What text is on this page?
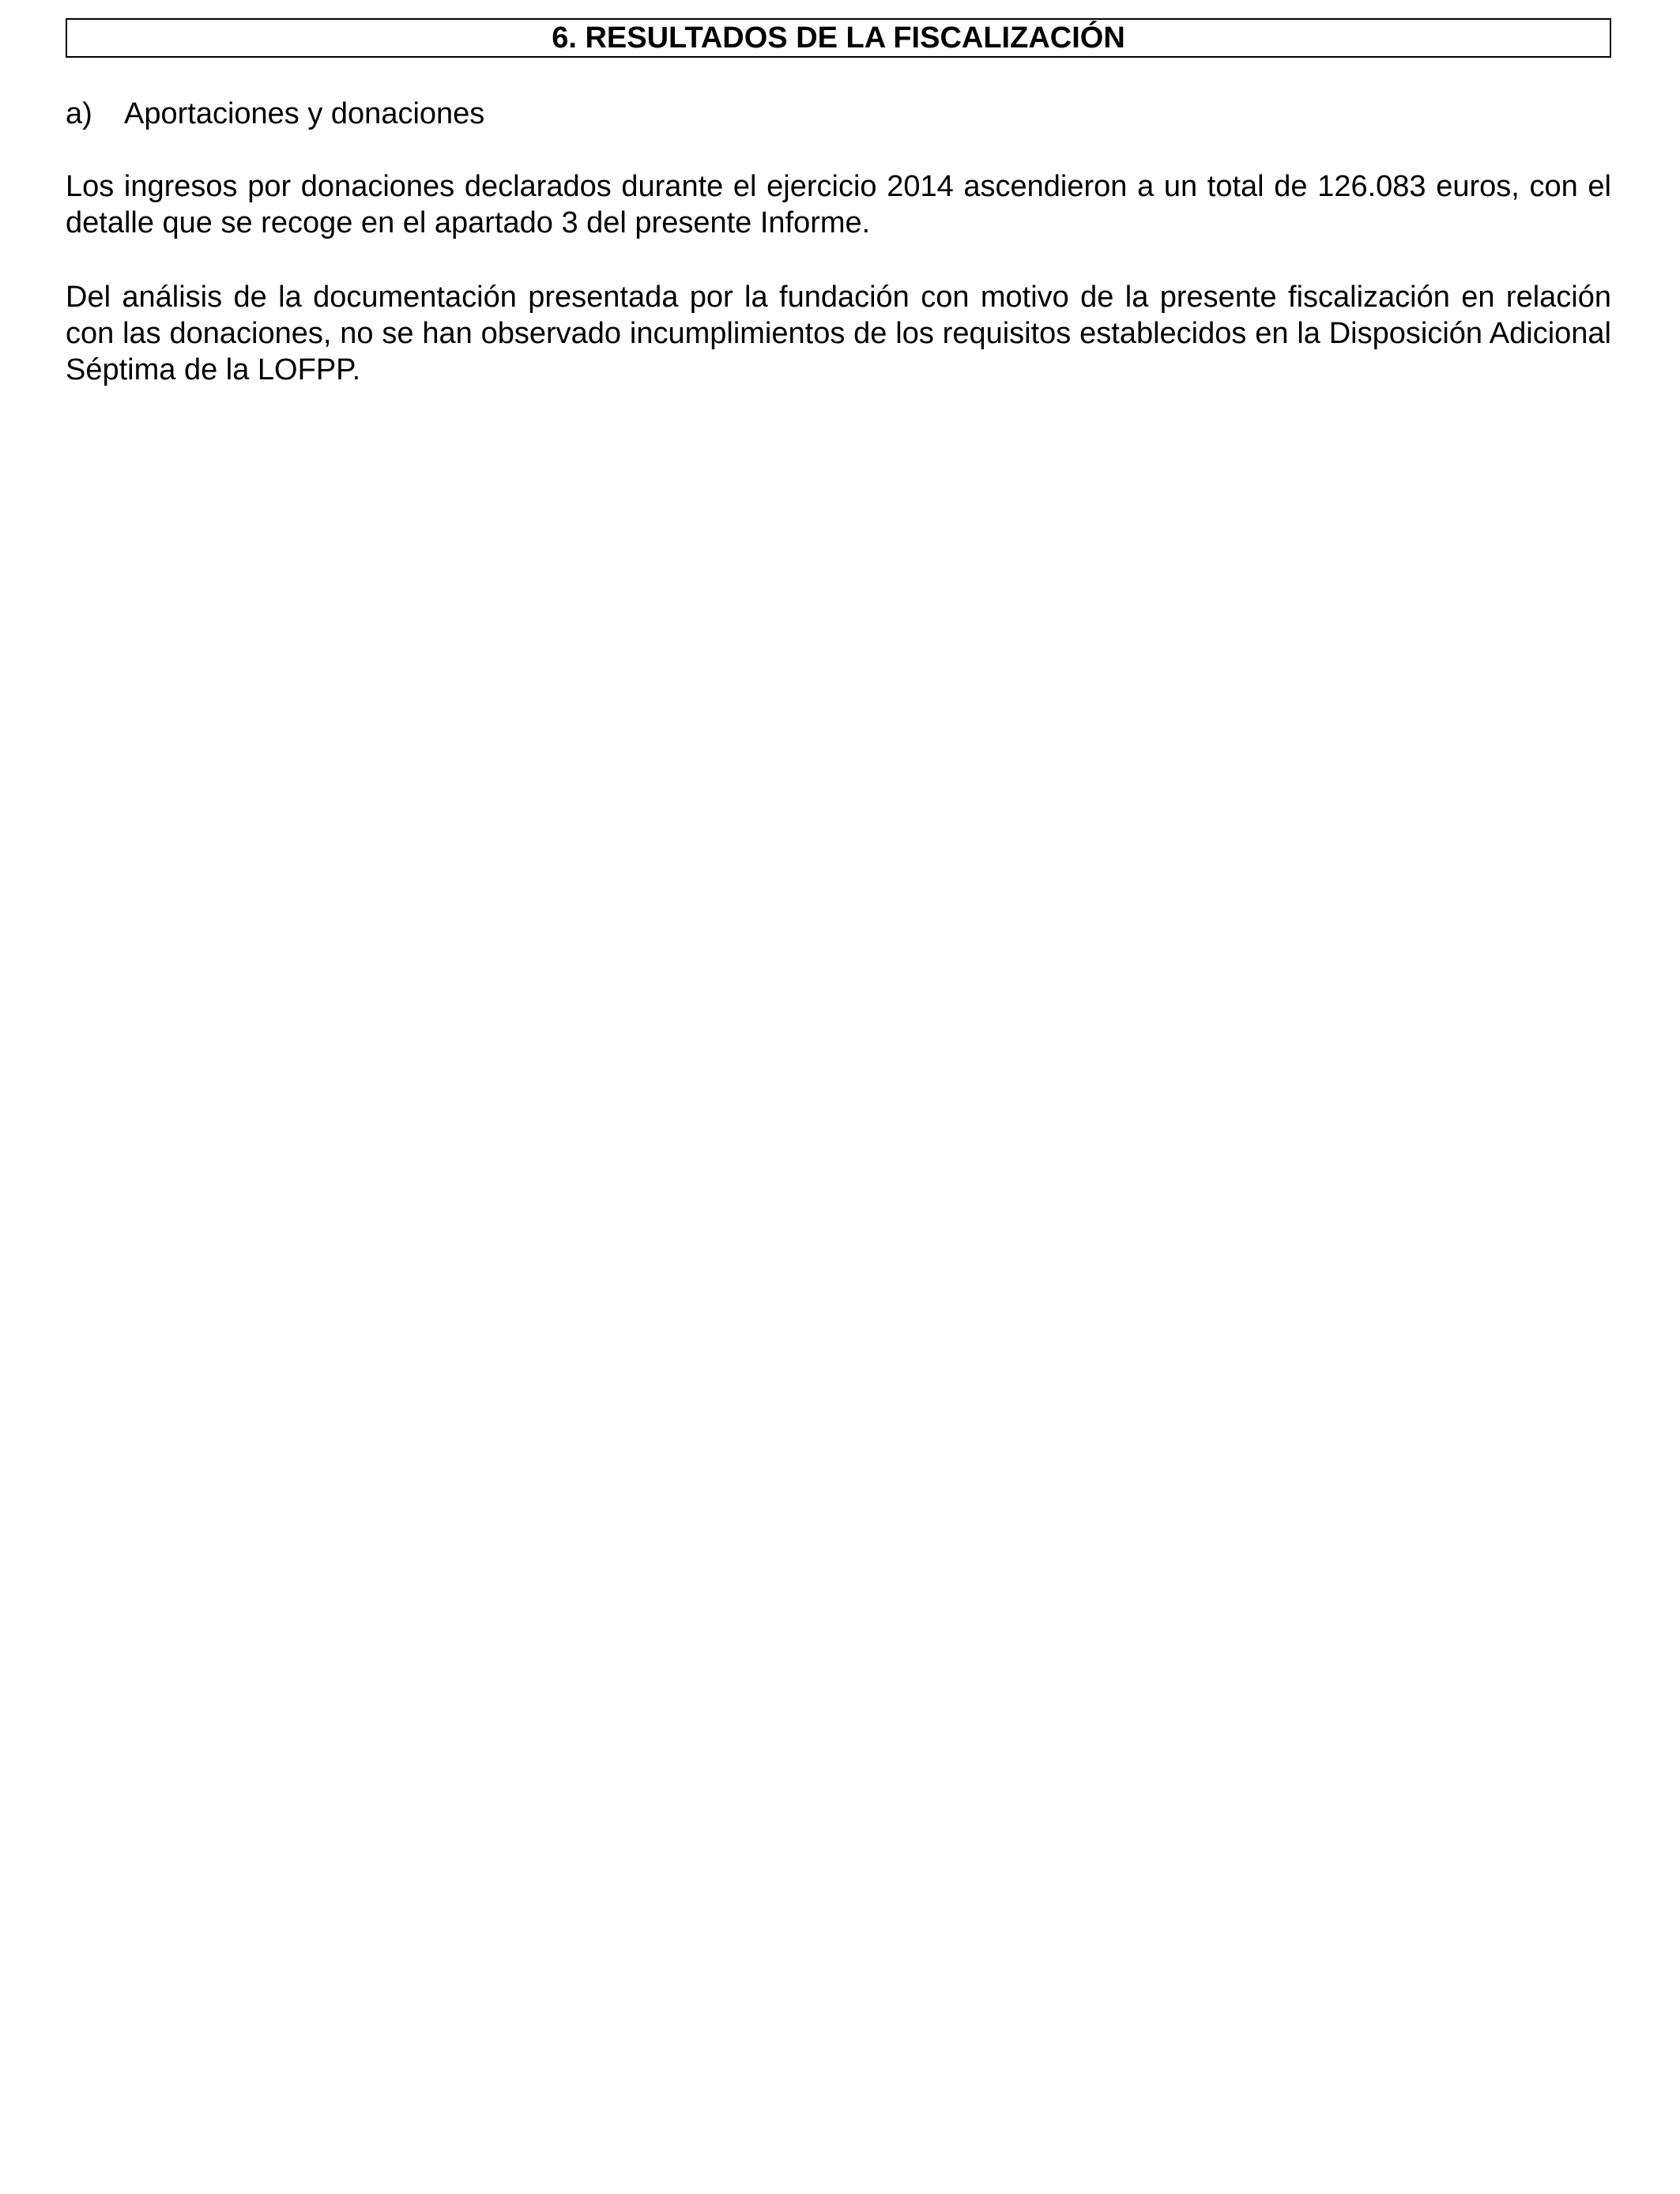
6. RESULTADOS DE LA FISCALIZACIÓN

a) Aportaciones y donaciones

Los ingresos por donaciones declarados durante el ejercicio 2014 ascendieron a un total de 126.083 euros, con el detalle que se recoge en el apartado 3 del presente Informe.

Del análisis de la documentación presentada por la fundación con motivo de la presente fiscalización en relación con las donaciones, no se han observado incumplimientos de los requisitos establecidos en la Disposición Adicional Séptima de la LOFPP.
